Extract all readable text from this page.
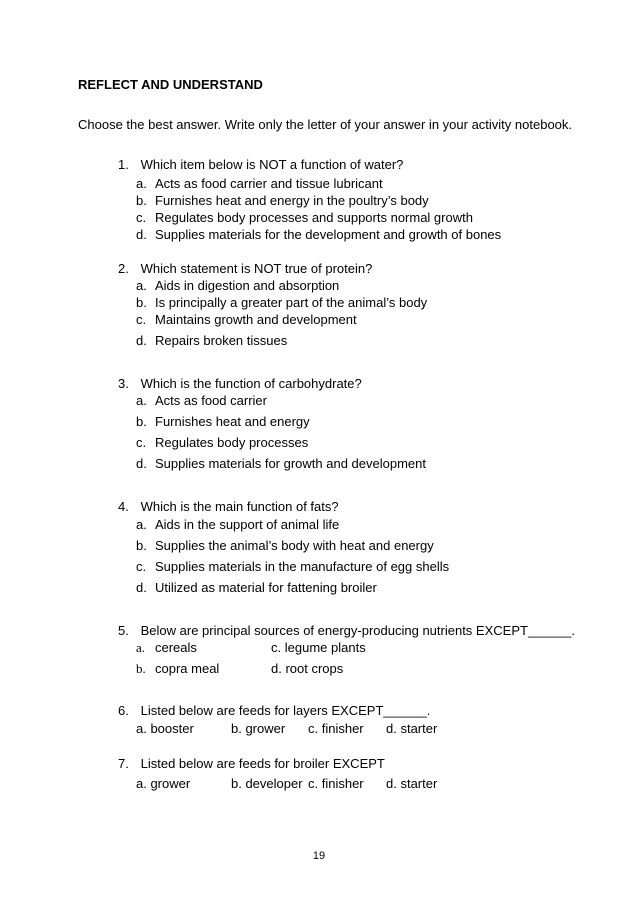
REFLECT AND UNDERSTAND
Choose the best answer. Write only the letter of your answer in your activity notebook.
1. Which item below is NOT a function of water?
a. Acts as food carrier and tissue lubricant
b. Furnishes heat and energy in the poultry’s body
c. Regulates body processes and supports normal growth
d. Supplies materials for the development and growth of bones
2. Which statement is NOT true of protein?
a. Aids in digestion and absorption
b. Is principally a greater part of the animal’s body
c. Maintains growth and development
d. Repairs broken tissues
3. Which is the function of carbohydrate?
a. Acts as food carrier
b. Furnishes heat and energy
c. Regulates body processes
d. Supplies materials for growth and development
4. Which is the main function of fats?
a. Aids in the support of animal life
b. Supplies the animal’s body with heat and energy
c. Supplies materials in the manufacture of egg shells
d. Utilized as material for fattening broiler
5. Below are principal sources of energy-producing nutrients EXCEPT______.
a. cereals	c. legume plants
b. copra meal	d. root crops
6. Listed below are feeds for layers EXCEPT______.
a. booster	b. grower c. finisher d. starter
7. Listed below are feeds for broiler EXCEPT
a. grower	b. developer c. finisher d. starter
19
